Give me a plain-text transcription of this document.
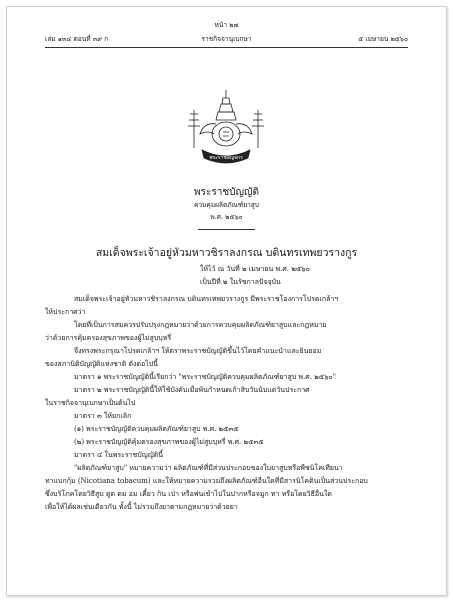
หน้า ๒๗
เล่ม ๑๓๔ ตอนที่ ๓๙ ก	ราชกิจจานุเบกษา	๕ เมษายน ๒๕๖๐
พระราชลัญจกร
พระราชบัญญัติ
ควบคุมผลิตภัณฑ์ยาสูบ
พ.ศ. ๒๕๖๐
สมเด็จพระเจ้าอยู่หัวมหาวชิราลงกรณ บดินทรเทพยวรางกูร
ให้ไว้ ณ วันที่ ๒ เมษายน พ.ศ. ๒๕๖๐
เป็นปีที่ ๒ ในรัชกาลปัจจุบัน
สมเด็จพระเจ้าอยู่หัวมหาวชิราลงกรณ บดินทรเทพยวรางกูร มีพระราชโองการโปรดเกล้าฯ
ให้ประกาศว่า
โดยที่เป็นการสมควรปรับปรุงกฎหมายว่าด้วยการควบคุมผลิตภัณฑ์ยาสูบและกฎหมาย
ว่าด้วยการคุ้มครองสุขภาพของผู้ไม่สูบบุหรี่
จึงทรงพระกรุณาโปรดเกล้าฯ ให้ตราพระราชบัญญัติขึ้นไว้โดยคำแนะนำและยินยอม
ของสภานิติบัญญัติแห่งชาติ ดังต่อไปนี้
มาตรา ๑ พระราชบัญญัตินี้เรียกว่า "พระราชบัญญัติควบคุมผลิตภัณฑ์ยาสูบ พ.ศ. ๒๕๖๐"
มาตรา ๒ พระราชบัญญัตินี้ให้ใช้บังคับเมื่อพ้นกำหนดเก้าสิบวันนับแต่วันประกาศ
ในราชกิจจานุเบกษาเป็นต้นไป
มาตรา ๓ ให้ยกเลิก
(๑) พระราชบัญญัติควบคุมผลิตภัณฑ์ยาสูบ พ.ศ. ๒๕๓๕
(๒) พระราชบัญญัติคุ้มครองสุขภาพของผู้ไม่สูบบุหรี่ พ.ศ. ๒๕๓๕
มาตรา ๔ ในพระราชบัญญัตินี้
"ผลิตภัณฑ์ยาสูบ" หมายความว่า ผลิตภัณฑ์ที่มีส่วนประกอบของใบยาสูบหรือพืชนิโคเทียนา
ทาแบกกุ้ม (Nicotiana tobacum) และให้หมายความรวมถึงผลิตภัณฑ์อื่นใดที่มีสารนิโคตินเป็นส่วนประกอบ
ซึ่งบริโภคโดยวิธีสูบ ดูด ดม อม เคี้ยว กิน เป่า หรือพ่นเข้าไปในปากหรือจมูก ทา หรือโดยวิธีอื่นใด
เพื่อให้ได้ผลเช่นเดียวกัน ทั้งนี้ ไม่รวมถึงยาตามกฎหมายว่าด้วยยา
